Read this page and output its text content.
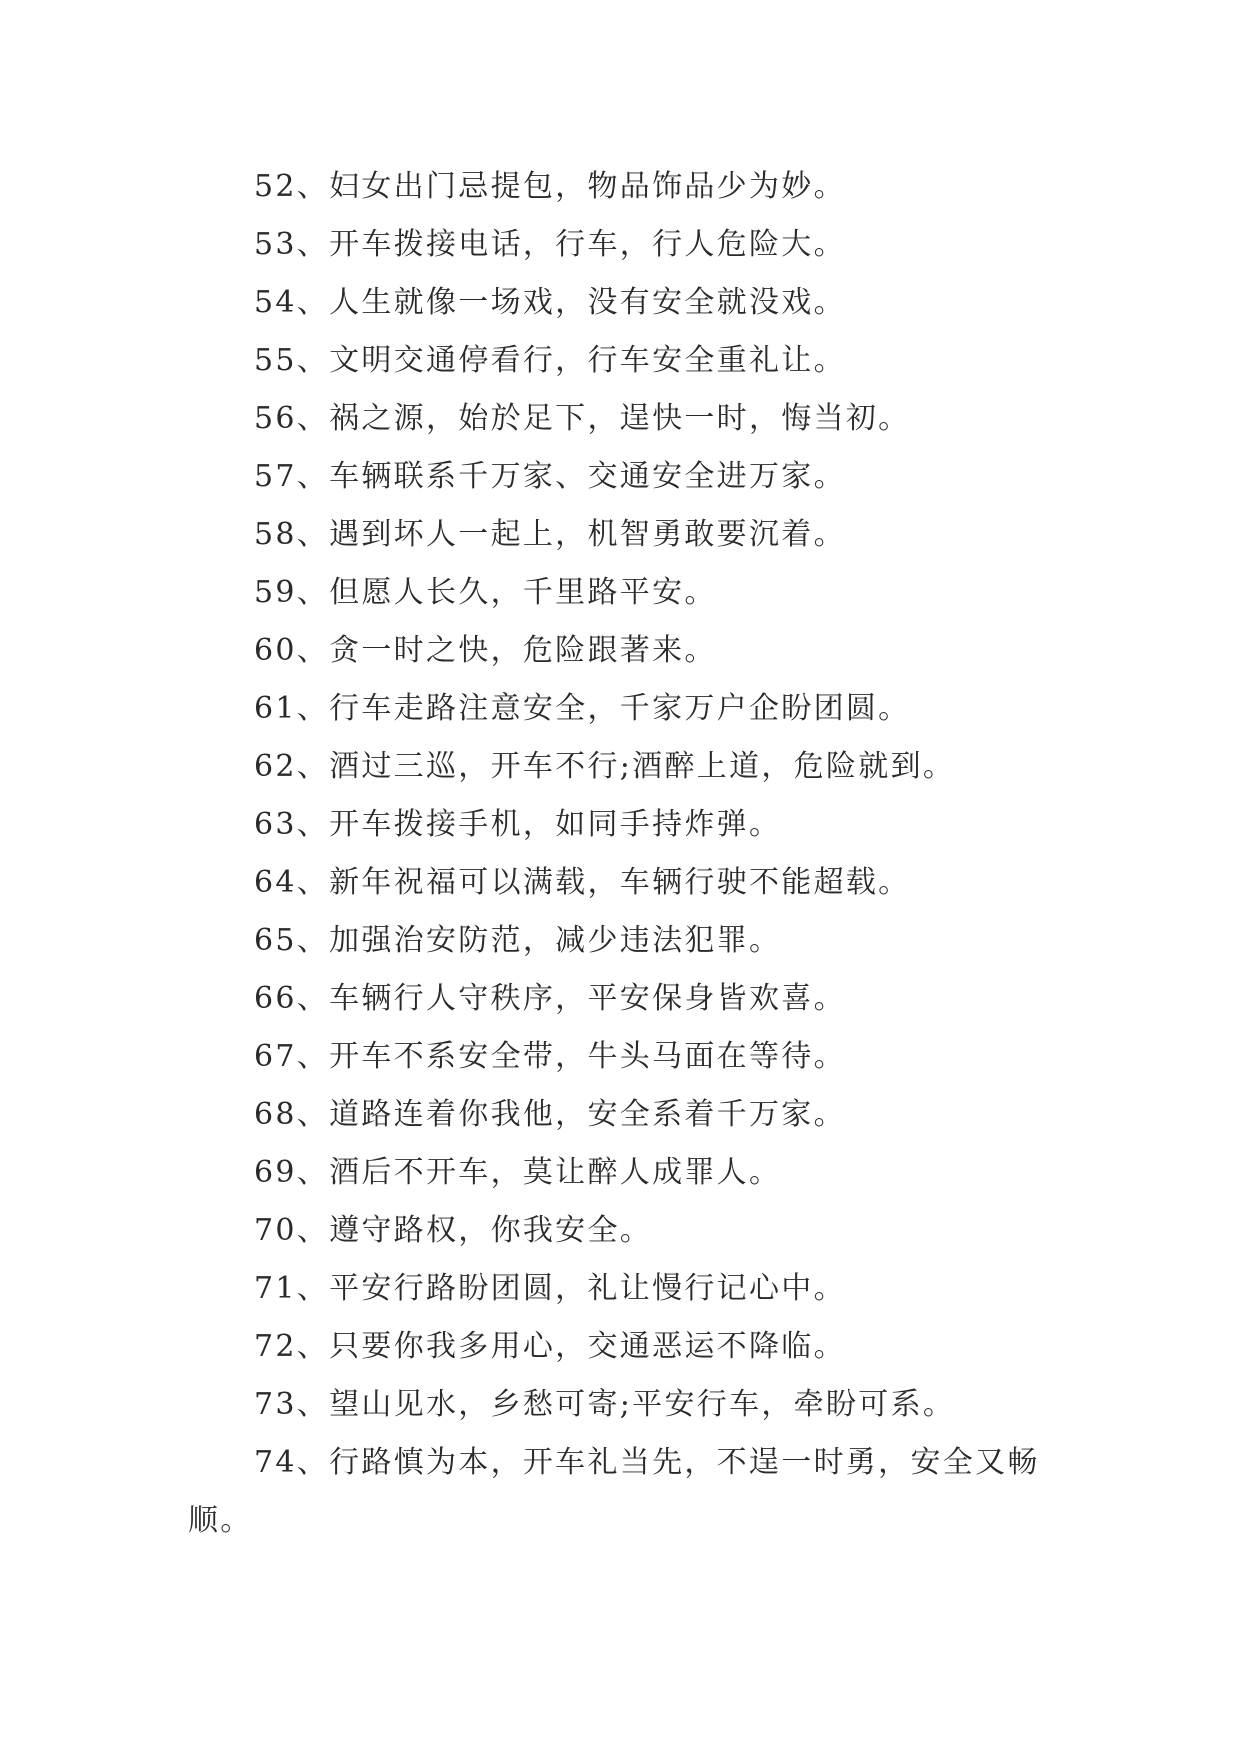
52、妇女出门忌提包，物品饰品少为妙。
53、开车拨接电话，行车，行人危险大。
54、人生就像一场戏，没有安全就没戏。
55、文明交通停看行，行车安全重礼让。
56、祸之源，始於足下，逞快一时，悔当初。
57、车辆联系千万家、交通安全进万家。
58、遇到坏人一起上，机智勇敢要沉着。
59、但愿人长久，千里路平安。
60、贪一时之快，危险跟著来。
61、行车走路注意安全，千家万户企盼团圆。
62、酒过三巡，开车不行;酒醉上道，危险就到。
63、开车拨接手机，如同手持炸弹。
64、新年祝福可以满载，车辆行驶不能超载。
65、加强治安防范，减少违法犯罪。
66、车辆行人守秩序，平安保身皆欢喜。
67、开车不系安全带，牛头马面在等待。
68、道路连着你我他，安全系着千万家。
69、酒后不开车，莫让醉人成罪人。
70、遵守路权，你我安全。
71、平安行路盼团圆，礼让慢行记心中。
72、只要你我多用心，交通恶运不降临。
73、望山见水，乡愁可寄;平安行车，牵盼可系。
74、行路慎为本，开车礼当先，不逞一时勇，安全又畅顺。
